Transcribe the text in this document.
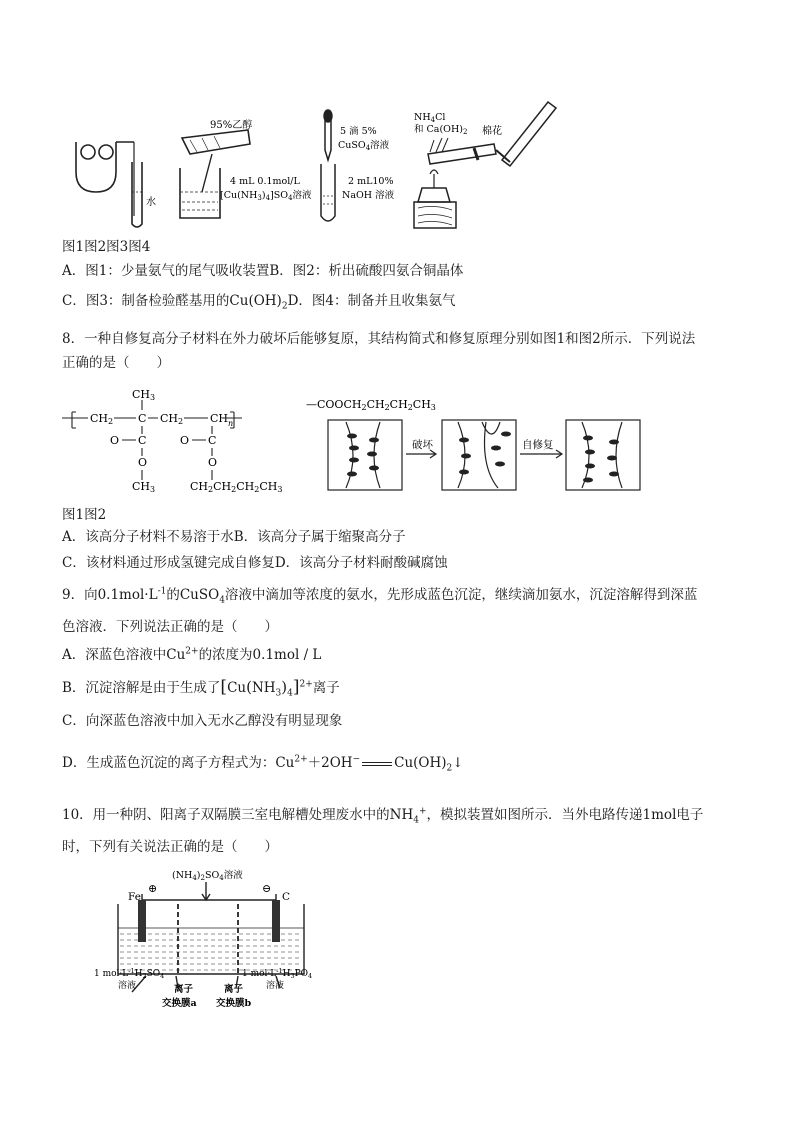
水
95%乙醇
4 mL 0.1mol/L
$[Cu(NH_3)_4]SO_4$溶液
5 滴 5%
CuSO$_4$溶液
2 mL10%
NaOH 溶液
$NH_4Cl$
和 $Ca(OH)_2$ 棉花
图1图2图3图4
A．图1：少量氨气的尾气吸收装置B．图2：析出硫酸四氨合铜晶体
C．图3：制备检验醛基用的$Cu(OH)_2D$．图4：制备并且收集氨气
8．一种自修复高分子材料在外力破坏后能够复原，其结构简式和修复原理分别如图1和图2所示．下列说法
正确的是（　　）
CH3
CH2 C CH2 CH n
O C	O C
O	O
CH3	CH2CH2CH2CH3
—COOCH2CH2CH2CH3
破坏	自修复
图1图2
A．该高分子材料不易溶于水B．该高分子属于缩聚高分子
C．该材料通过形成氢键完成自修复D．该高分子材料耐酸碱腐蚀
9．向$0.1mol\cdot L^{-1}$的CuSO$_4$溶液中滴加等浓度的氨水，先形成蓝色沉淀，继续滴加氨水，沉淀溶解得到深蓝
色溶液．下列说法正确的是（　　）
A．深蓝色溶液中$Cu^{2+}$的浓度为0.1mol / L
B．沉淀溶解是由于生成了$[Cu(NH_3)_4]^{2+}$离子
C．向深蓝色溶液中加入无水乙醇没有明显现象
D．生成蓝色沉淀的离子方程式为：$Cu^{2+}+2OH^-$	$Cu(OH)_2↓$
10．用一种阴、阳离子双隔膜三室电解槽处理废水中的$NH_4^+$，模拟装置如图所示．当外电路传递1mol电子
时，下列有关说法正确的是（　　）
Fe
⊕	⊖
C
$(NH_4)_2SO_4$溶液
1 $mol\cdot L^{-1}H_2SO_4$
溶液
1 $mol\cdot L^{-1}H_3PO_4$
溶液
离子
交换膜a
离子
交换膜b
